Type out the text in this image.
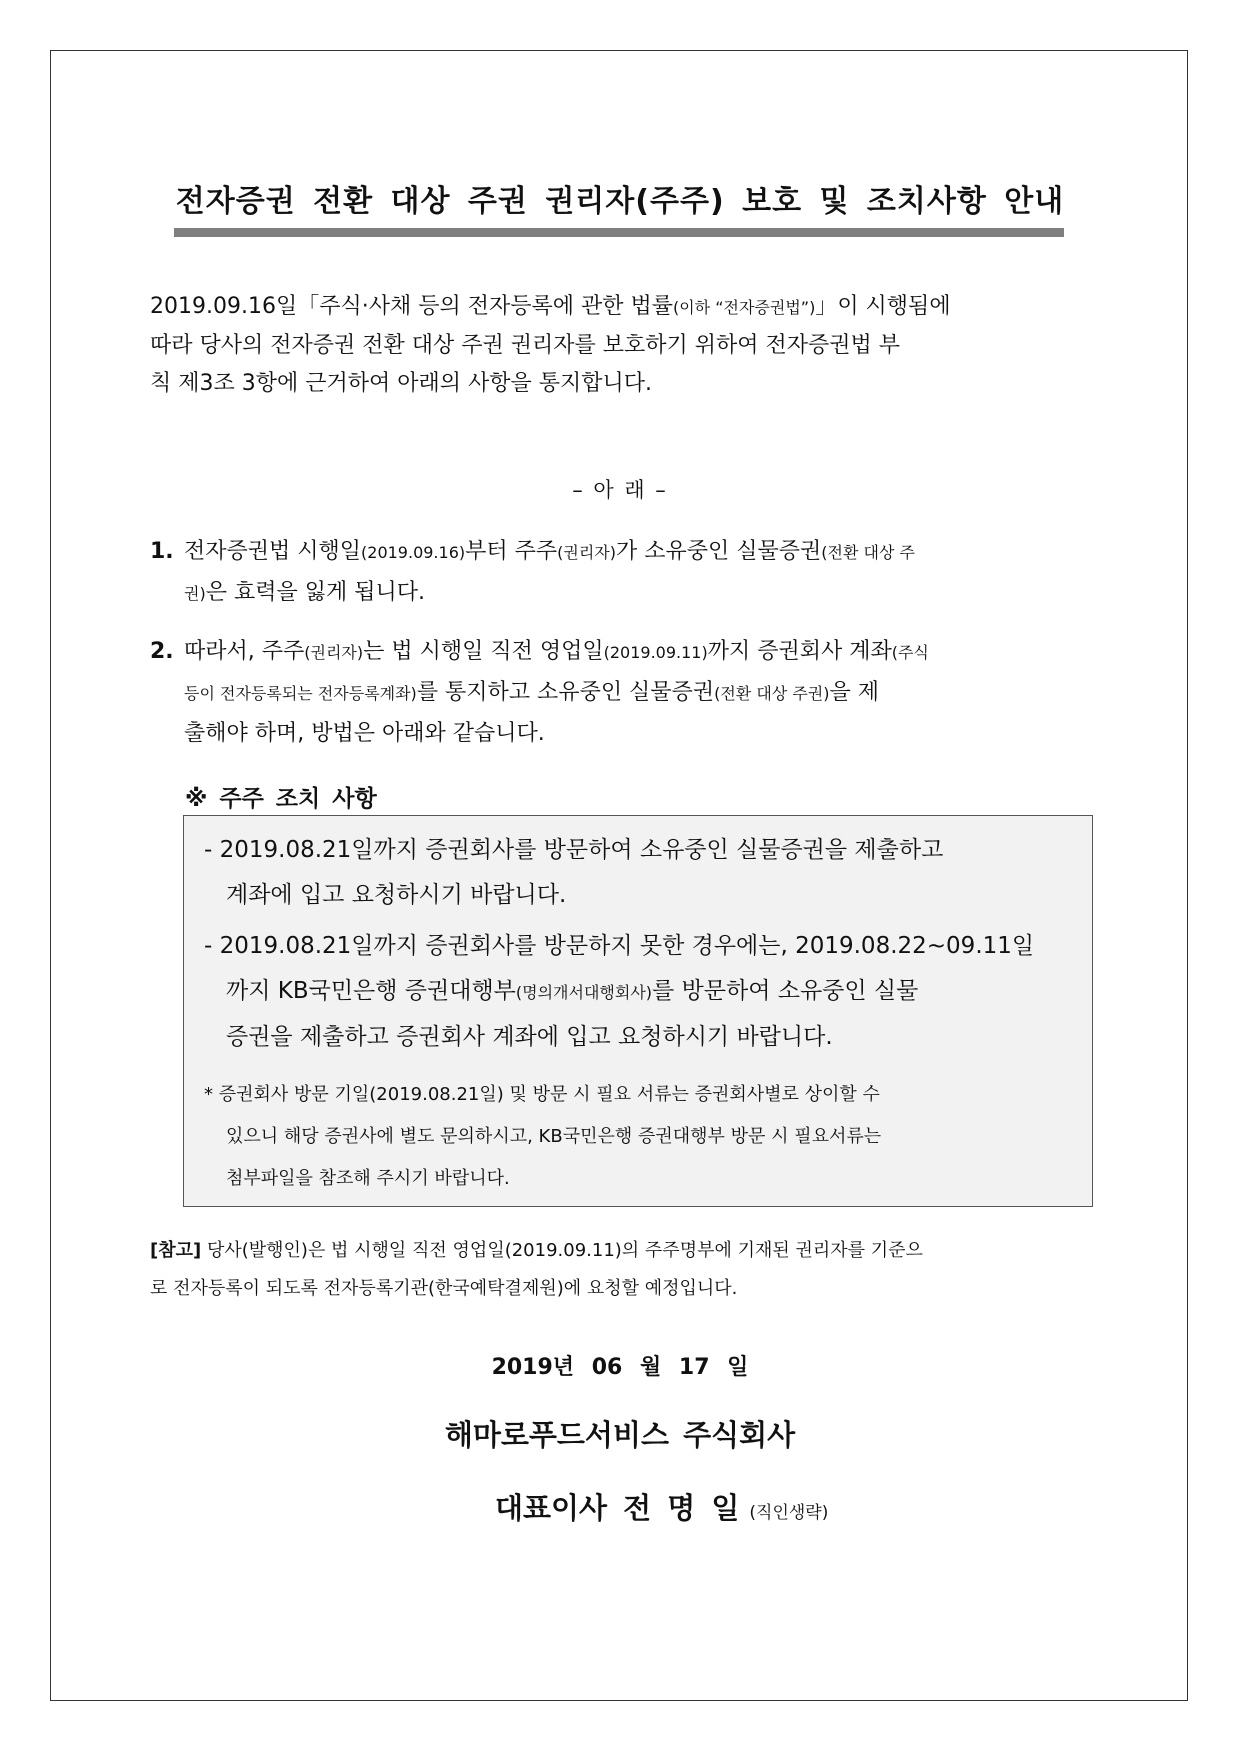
전자증권 전환 대상 주권 권리자(주주) 보호 및 조치사항 안내
2019.09.16일「주식·사채 등의 전자등록에 관한 법률(이하 “전자증권법”)」이 시행됨에
따라 당사의 전자증권 전환 대상 주권 권리자를 보호하기 위하여 전자증권법 부
칙 제3조 3항에 근거하여 아래의 사항을 통지합니다.
– 아 래 –
1. 전자증권법 시행일(2019.09.16)부터 주주(권리자)가 소유중인 실물증권(전환 대상 주
권)은 효력을 잃게 됩니다.
2. 따라서, 주주(권리자)는 법 시행일 직전 영업일(2019.09.11)까지 증권회사 계좌(주식
등이 전자등록되는 전자등록계좌)를 통지하고 소유중인 실물증권(전환 대상 주권)을 제
출해야 하며, 방법은 아래와 같습니다.
※ 주주 조치 사항
- 2019.08.21일까지 증권회사를 방문하여 소유중인 실물증권을 제출하고
계좌에 입고 요청하시기 바랍니다.
- 2019.08.21일까지 증권회사를 방문하지 못한 경우에는, 2019.08.22~09.11일
까지 KB국민은행 증권대행부(명의개서대행회사)를 방문하여 소유중인 실물
증권을 제출하고 증권회사 계좌에 입고 요청하시기 바랍니다.
* 증권회사 방문 기일(2019.08.21일) 및 방문 시 필요 서류는 증권회사별로 상이할 수
있으니 해당 증권사에 별도 문의하시고, KB국민은행 증권대행부 방문 시 필요서류는
첨부파일을 참조해 주시기 바랍니다.
[참고] 당사(발행인)은 법 시행일 직전 영업일(2019.09.11)의 주주명부에 기재된 권리자를 기준으
로 전자등록이 되도록 전자등록기관(한국예탁결제원)에 요청할 예정입니다.
2019년 06 월 17 일
해마로푸드서비스 주식회사
대표이사 전 명 일 (직인생략)
